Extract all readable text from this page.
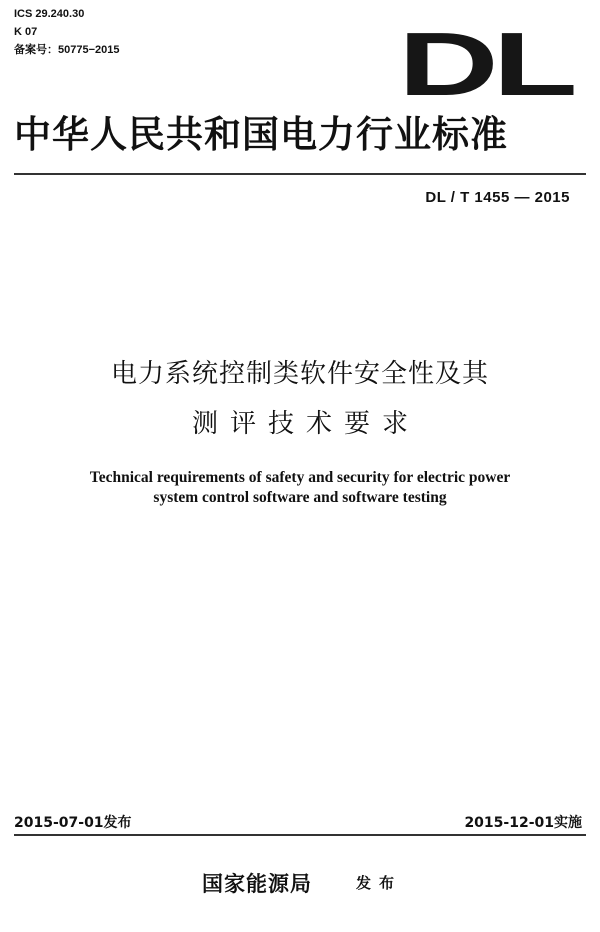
ICS 29.240.30
K 07
备案号：50775−2015	DL
中华人民共和国电力行业标准
DL / T 1455 — 2015
电力系统控制类软件安全性及其
测评技术要求
Technical requirements of safety and security for electric power
system control software and software testing
2015-07-01发布	2015-12-01实施
国家能源局	发布
